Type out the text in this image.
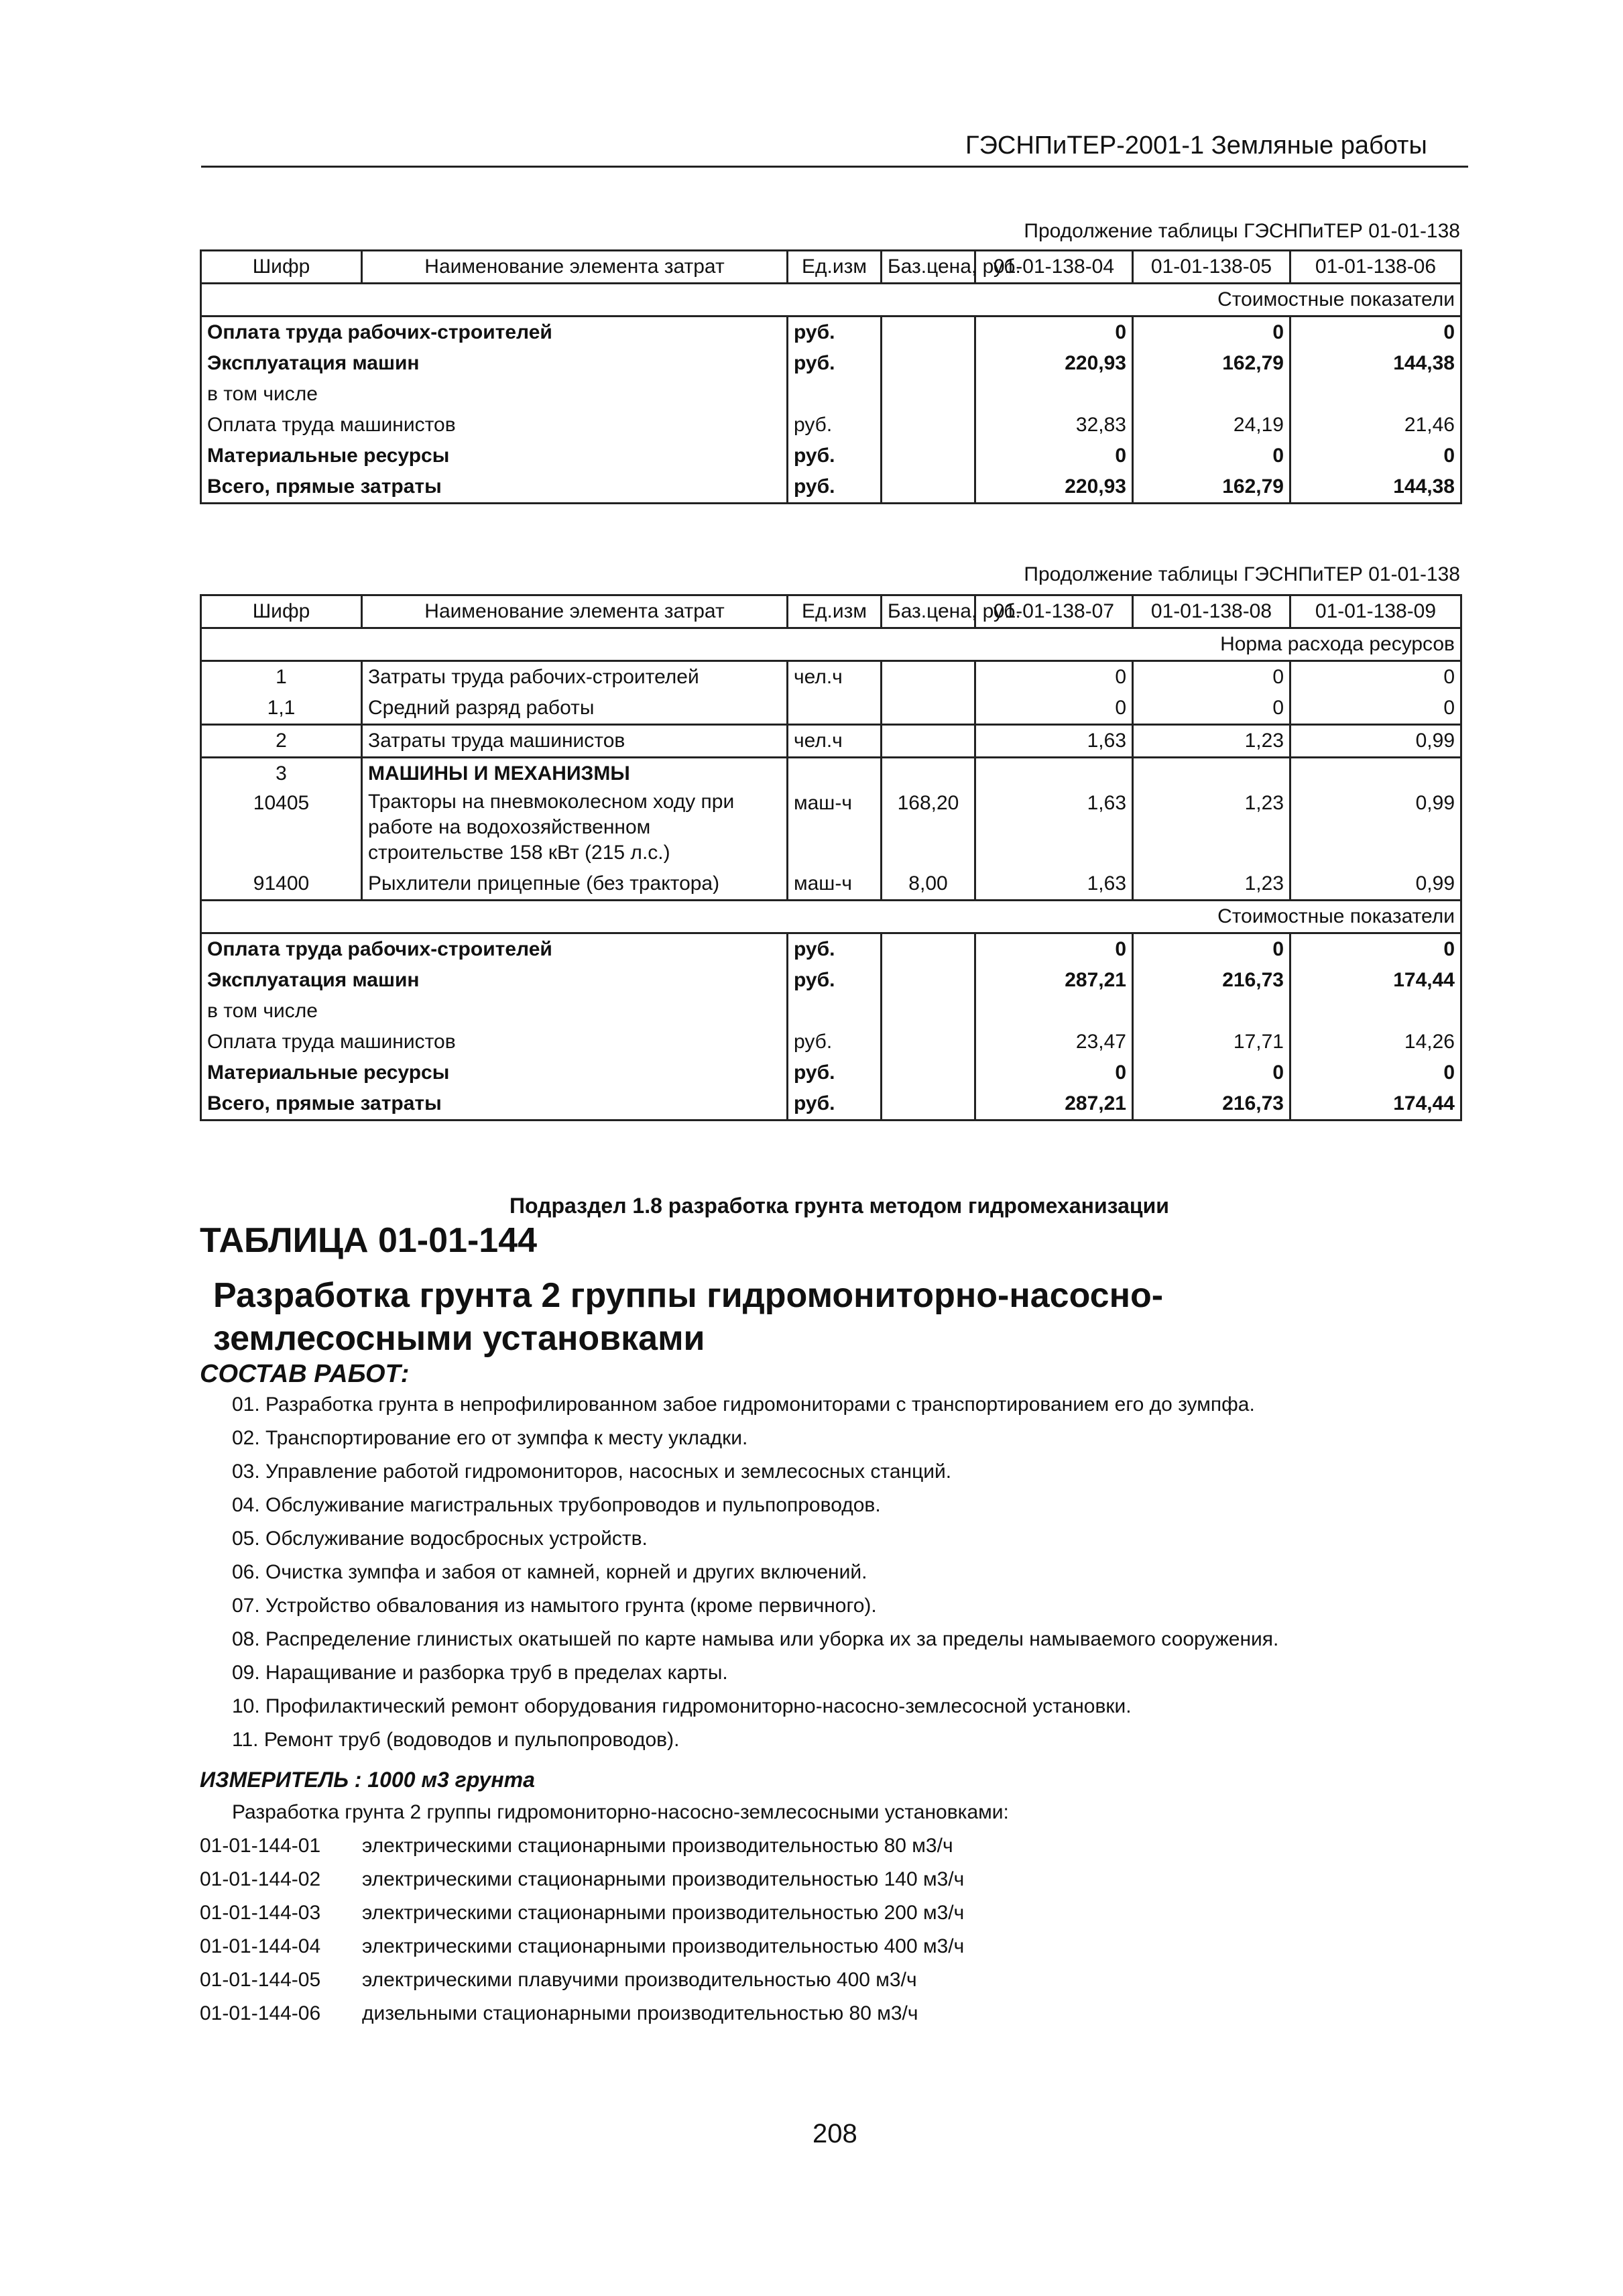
ГЭСНПиТЕР-2001-1 Земляные работы
Продолжение таблицы ГЭСНПиТЕР 01-01-138
Шифр	Наименование элемента затрат	Ед.изм	Баз.цена, руб.	01-01-138-04	01-01-138-05	01-01-138-06
Стоимостные показатели						
Оплата труда рабочих-строителей		руб.		0	0	0
Эксплуатация машин		руб.		220,93	162,79	144,38
в том числе						
Оплата труда машинистов		руб.		32,83	24,19	21,46
Материальные ресурсы		руб.		0	0	0
Всего, прямые затраты		руб.		220,93	162,79	144,38
Продолжение таблицы ГЭСНПиТЕР 01-01-138
Шифр	Наименование элемента затрат	Ед.изм	Баз.цена, руб.	01-01-138-07	01-01-138-08	01-01-138-09
Норма расхода ресурсов						
1	Затраты труда рабочих-строителей	чел.ч		0	0	0
1,1	Средний разряд работы			0	0	0
2	Затраты труда машинистов	чел.ч		1,63	1,23	0,99
3	МАШИНЫ И МЕХАНИЗМЫ					
10405	Тракторы на пневмоколесном ходу при работе на водохозяйственном строительстве 158 кВт (215 л.с.)	маш-ч	168,20	1,63	1,23	0,99
91400	Рыхлители прицепные (без трактора)	маш-ч	8,00	1,63	1,23	0,99
Стоимостные показатели						
Оплата труда рабочих-строителей		руб.		0	0	0
Эксплуатация машин		руб.		287,21	216,73	174,44
в том числе						
Оплата труда машинистов		руб.		23,47	17,71	14,26
Материальные ресурсы		руб.		0	0	0
Всего, прямые затраты		руб.		287,21	216,73	174,44
Подраздел 1.8 разработка грунта методом гидромеханизации
ТАБЛИЦА 01-01-144
Разработка грунта 2 группы гидромониторно-насосно-землесосными установками
СОСТАВ РАБОТ:
01. Разработка грунта в непрофилированном забое гидромониторами с транспортированием его до зумпфа.
02. Транспортирование его от зумпфа к месту укладки.
03. Управление работой гидромониторов, насосных и землесосных станций.
04. Обслуживание магистральных трубопроводов и пульпопроводов.
05. Обслуживание водосбросных устройств.
06. Очистка зумпфа и забоя от камней, корней и других включений.
07. Устройство обвалования из намытого грунта (кроме первичного).
08. Распределение глинистых окатышей по карте намыва или уборка их за пределы намываемого сооружения.
09. Наращивание и разборка труб в пределах карты.
10. Профилактический ремонт оборудования гидромониторно-насосно-землесосной установки.
11. Ремонт труб (водоводов и пульпопроводов).
ИЗМЕРИТЕЛЬ : 1000 м3 грунта
Разработка грунта 2 группы гидромониторно-насосно-землесосными установками:
01-01-144-01 электрическими стационарными производительностью 80 м3/ч
01-01-144-02 электрическими стационарными производительностью 140 м3/ч
01-01-144-03 электрическими стационарными производительностью 200 м3/ч
01-01-144-04 электрическими стационарными производительностью 400 м3/ч
01-01-144-05 электрическими плавучими производительностью 400 м3/ч
01-01-144-06 дизельными стационарными производительностью 80 м3/ч
208
